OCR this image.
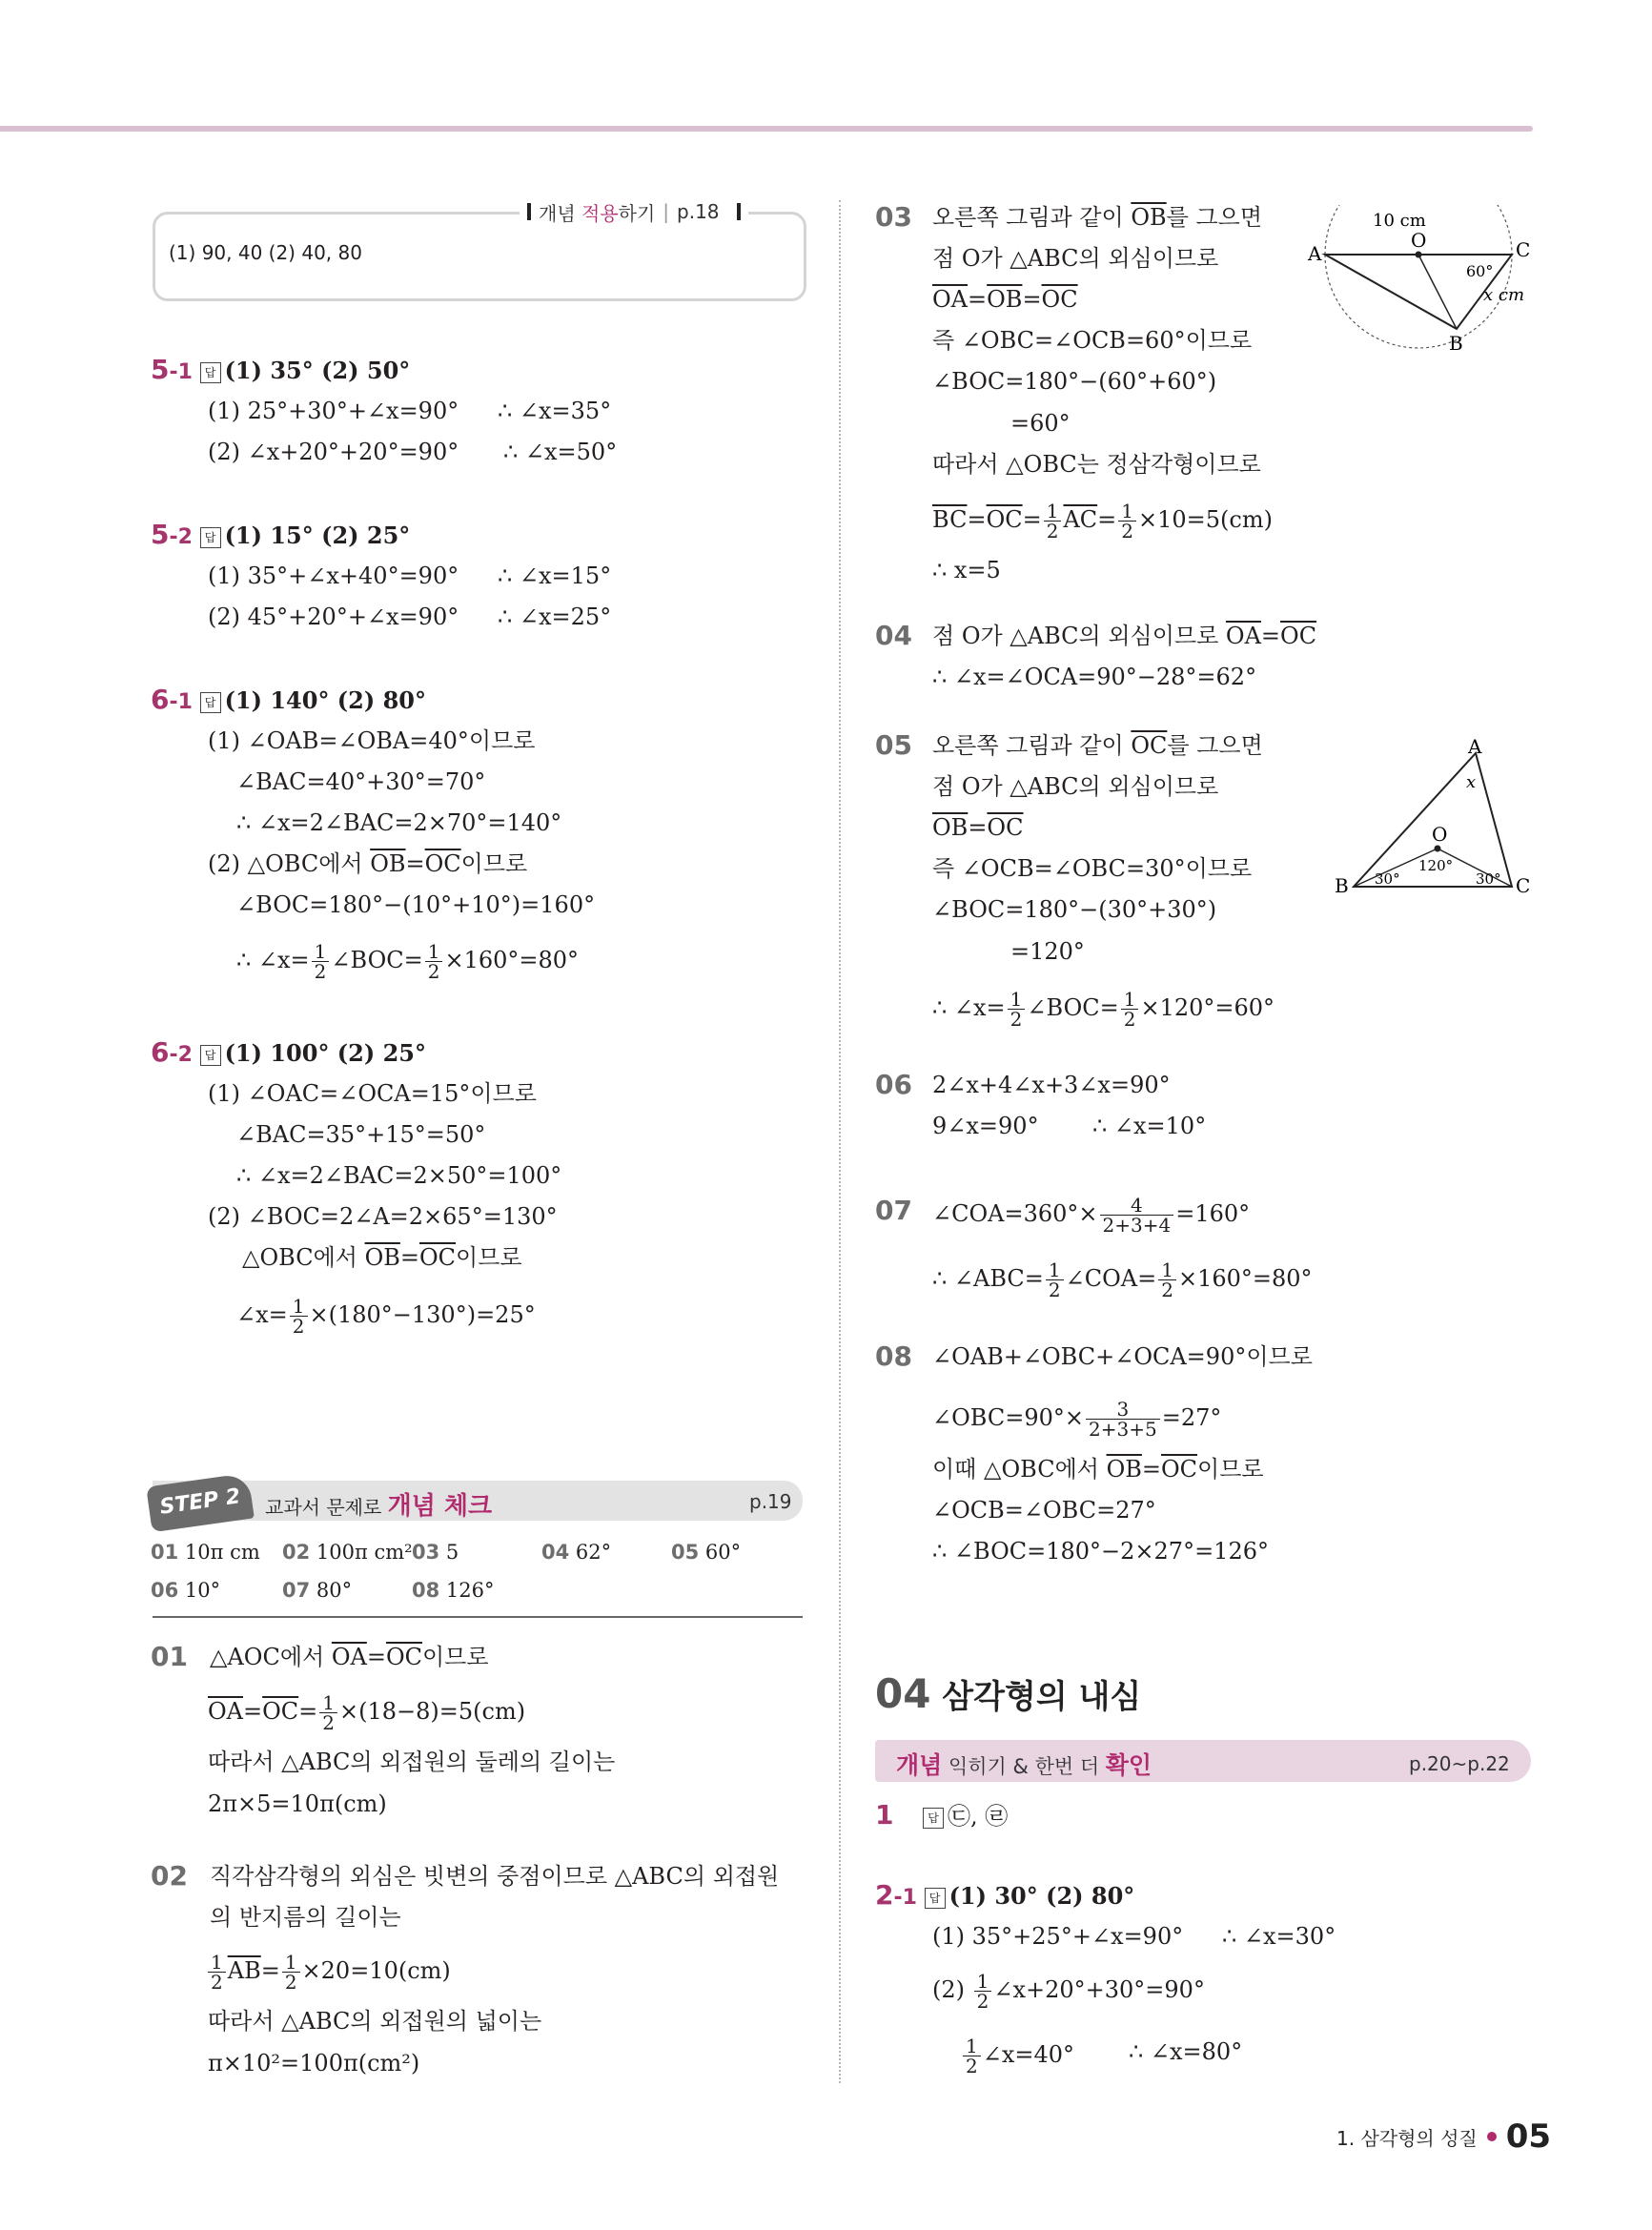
(1) 90, 40 (2) 40, 80
개념 적용하기 | p.18
5-1 답 (1) 35° (2) 50°
(1) 25°+30°+∠x=90° ∴ ∠x=35°
(2) ∠x+20°+20°=90° ∴ ∠x=50°
5-2 답 (1) 15° (2) 25°
(1) 35°+∠x+40°=90° ∴ ∠x=15°
(2) 45°+20°+∠x=90° ∴ ∠x=25°
6-1 답 (1) 140° (2) 80°
(1) ∠OAB=∠OBA=40°이므로
∠BAC=40°+30°=70°
∴ ∠x=2∠BAC=2×70°=140°
(2) △OBC에서 $\overline{OB}=\overline{OC}$이므로
∠BOC=180°−(10°+10°)=160°
∴ ∠x= $\frac{1}{2}$ ∠BOC= $\frac{1}{2} \times 160^\circ=80^\circ$
6-2 답 (1) 100° (2) 25°
(1) ∠OAC=∠OCA=15°이므로
∠BAC=35°+15°=50°
∴ ∠x=2∠BAC=2×50°=100°
(2) ∠BOC=2∠A=2×65°=130°
△OBC에서 $\overline{OB}=\overline{OC}$이므로
∠x= $\frac{1}{2} \times(180^\circ-130^\circ)=25^\circ$
STEP 2	교과서 문제로 개념 체크	p.19
01 10π cm 02 100π cm² 03 5	04 62°	05 60°
06 10°	07 80°	08 126°
01 △AOC에서 $\overline{OA}=\overline{OC}$이므로
$\overline{OA}=\overline{OC}= \frac{1}{2} \times(18-8)=5(cm)$
따라서 △ABC의 외접원의 둘레의 길이는
2π×5=10π(cm)
02 직각삼각형의 외심은 빗변의 중점이므로 △ABC의 외접원
의 반지름의 길이는
$\frac{1}{2} \overline{AB}= \frac{1}{2} \times 20=10(cm)$
따라서 △ABC의 외접원의 넓이는
π×10²=100π(cm²)
03 오른쪽 그림과 같이 $\overline{OB}$를 그으면
점 O가 △ABC의 외심이므로
$\overline{OA}=\overline{OB}=\overline{OC}$
즉 ∠OBC=∠OCB=60°이므로
∠BOC=180°−(60°+60°)
=60°
따라서 △OBC는 정삼각형이므로
$\overline{BC}=\overline{OC}= \frac{1}{2} \overline{AC}= \frac{1}{2} \times 10=5(cm)$
∴ x=5
A	C
B
O
10 cm
60°
x cm
04 점 O가 △ABC의 외심이므로 $\overline{OA}=\overline{OC}$
∴ ∠x=∠OCA=90°−28°=62°
05 오른쪽 그림과 같이 $\overline{OC}$를 그으면
점 O가 △ABC의 외심이므로
$\overline{OB}=\overline{OC}$
즉 ∠OCB=∠OBC=30°이므로
∠BOC=180°−(30°+30°)
=120°
∴ ∠x= $\frac{1}{2}$ ∠BOC= $\frac{1}{2} \times 120^\circ=60^\circ$
A
B	C
O
x
30°
120°
30°
06 2∠x+4∠x+3∠x=90°
9∠x=90° ∴ ∠x=10°
07 ∠COA=360°× $\frac{4}{2+3+4} =160^\circ$
∴ ∠ABC= $\frac{1}{2}$ ∠COA= $\frac{1}{2} \times 160^\circ=80^\circ$
08 ∠OAB+∠OBC+∠OCA=90°이므로
∠OBC=90°× $\frac{3}{2+3+5} =27^\circ$
이때 △OBC에서 $\overline{OB}=\overline{OC}$이므로
∠OCB=∠OBC=27°
∴ ∠BOC=180°−2×27°=126°
04 삼각형의 내심
개념 익히기 & 한번 더 확인	p.20~p.22
1	답 ㉢, ㉣
2-1 답 (1) 30° (2) 80°
(1) 35°+25°+∠x=90° ∴ ∠x=30°
$(2) \frac{1}{2}$ ∠x+20°+30°=90°
$\frac{1}{2}$ ∠x=40° ∴ ∠x=80°
1. 삼각형의 성질 05
